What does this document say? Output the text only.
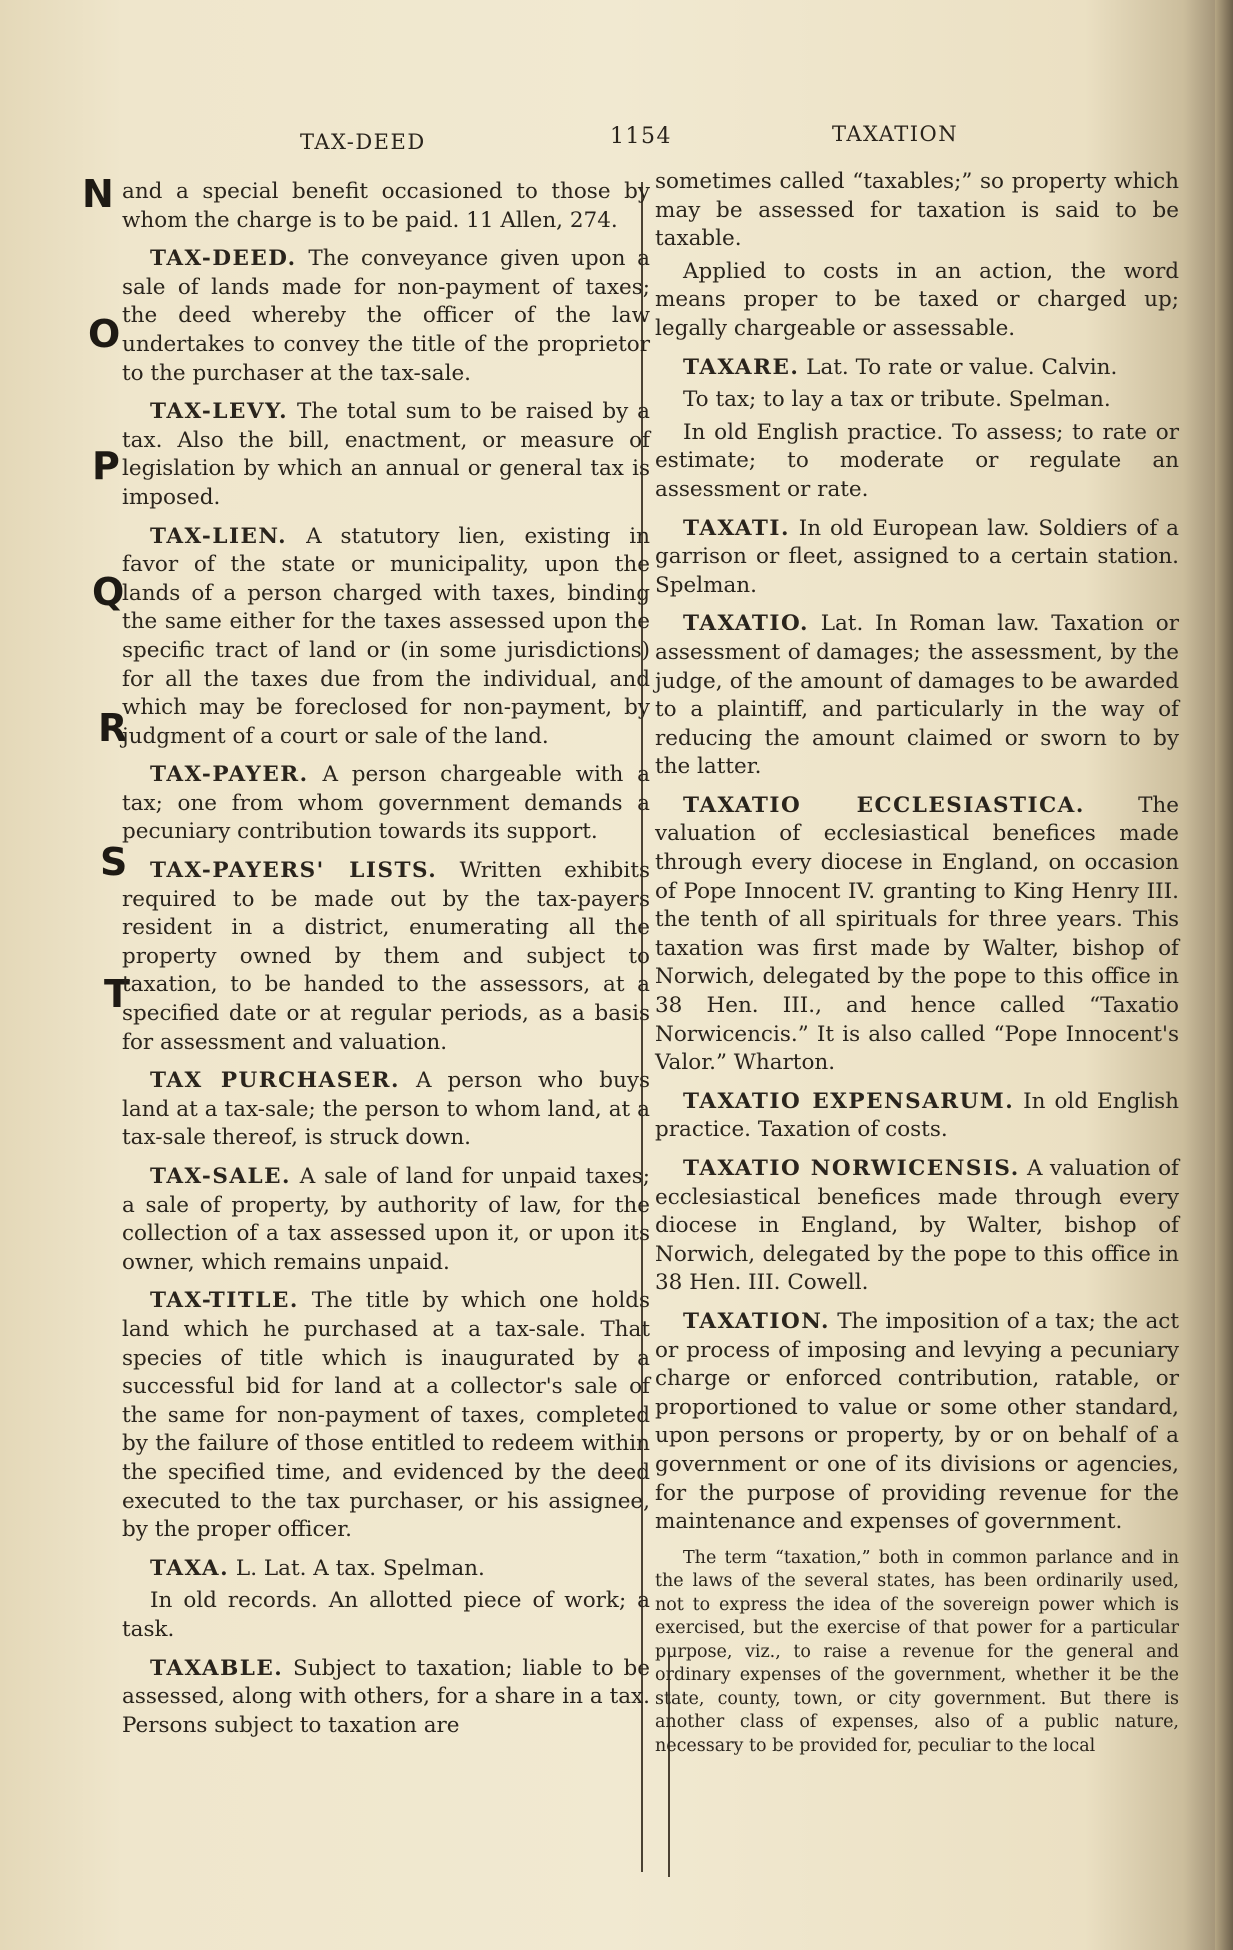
TAX-DEED	1154	TAXATION
N
O
P
Q
R
S
T

and a special benefit occasioned to those by whom the charge is to be paid. 11 Allen, 274.

TAX-DEED. The conveyance given upon a sale of lands made for non-payment of taxes; the deed whereby the officer of the law undertakes to convey the title of the proprietor to the purchaser at the tax-sale.

TAX-LEVY. The total sum to be raised by a tax. Also the bill, enactment, or measure of legislation by which an annual or general tax is imposed.

TAX-LIEN. A statutory lien, existing in favor of the state or municipality, upon the lands of a person charged with taxes, binding the same either for the taxes assessed upon the specific tract of land or (in some jurisdictions) for all the taxes due from the individual, and which may be foreclosed for non-payment, by judgment of a court or sale of the land.

TAX-PAYER. A person chargeable with a tax; one from whom government demands a pecuniary contribution towards its support.

TAX-PAYERS' LISTS. Written exhibits required to be made out by the tax-payers resident in a district, enumerating all the property owned by them and subject to taxation, to be handed to the assessors, at a specified date or at regular periods, as a basis for assessment and valuation.

TAX PURCHASER. A person who buys land at a tax-sale; the person to whom land, at a tax-sale thereof, is struck down.

TAX-SALE. A sale of land for unpaid taxes; a sale of property, by authority of law, for the collection of a tax assessed upon it, or upon its owner, which remains unpaid.

TAX-TITLE. The title by which one holds land which he purchased at a tax-sale. That species of title which is inaugurated by a successful bid for land at a collector's sale of the same for non-payment of taxes, completed by the failure of those entitled to redeem within the specified time, and evidenced by the deed executed to the tax purchaser, or his assignee, by the proper officer.

TAXA. L. Lat. A tax. Spelman.

In old records. An allotted piece of work; a task.

TAXABLE. Subject to taxation; liable to be assessed, along with others, for a share in a tax. Persons subject to taxation are

sometimes called “taxables;” so property which may be assessed for taxation is said to be taxable.

Applied to costs in an action, the word means proper to be taxed or charged up; legally chargeable or assessable.

TAXARE. Lat. To rate or value. Calvin.

To tax; to lay a tax or tribute. Spelman.

In old English practice. To assess; to rate or estimate; to moderate or regulate an assessment or rate.

TAXATI. In old European law. Soldiers of a garrison or fleet, assigned to a certain station. Spelman.

TAXATIO. Lat. In Roman law. Taxation or assessment of damages; the assessment, by the judge, of the amount of damages to be awarded to a plaintiff, and particularly in the way of reducing the amount claimed or sworn to by the latter.

TAXATIO ECCLESIASTICA. The valuation of ecclesiastical benefices made through every diocese in England, on occasion of Pope Innocent IV. granting to King Henry III. the tenth of all spirituals for three years. This taxation was first made by Walter, bishop of Norwich, delegated by the pope to this office in 38 Hen. III., and hence called “Taxatio Norwicencis.” It is also called “Pope Innocent's Valor.” Wharton.

TAXATIO EXPENSARUM. In old English practice. Taxation of costs.

TAXATIO NORWICENSIS. A valuation of ecclesiastical benefices made through every diocese in England, by Walter, bishop of Norwich, delegated by the pope to this office in 38 Hen. III. Cowell.

TAXATION. The imposition of a tax; the act or process of imposing and levying a pecuniary charge or enforced contribution, ratable, or proportioned to value or some other standard, upon persons or property, by or on behalf of a government or one of its divisions or agencies, for the purpose of providing revenue for the maintenance and expenses of government.

The term “taxation,” both in common parlance and in the laws of the several states, has been ordinarily used, not to express the idea of the sovereign power which is exercised, but the exercise of that power for a particular purpose, viz., to raise a revenue for the general and ordinary expenses of the government, whether it be the state, county, town, or city government. But there is another class of expenses, also of a public nature, necessary to be provided for, peculiar to the local
